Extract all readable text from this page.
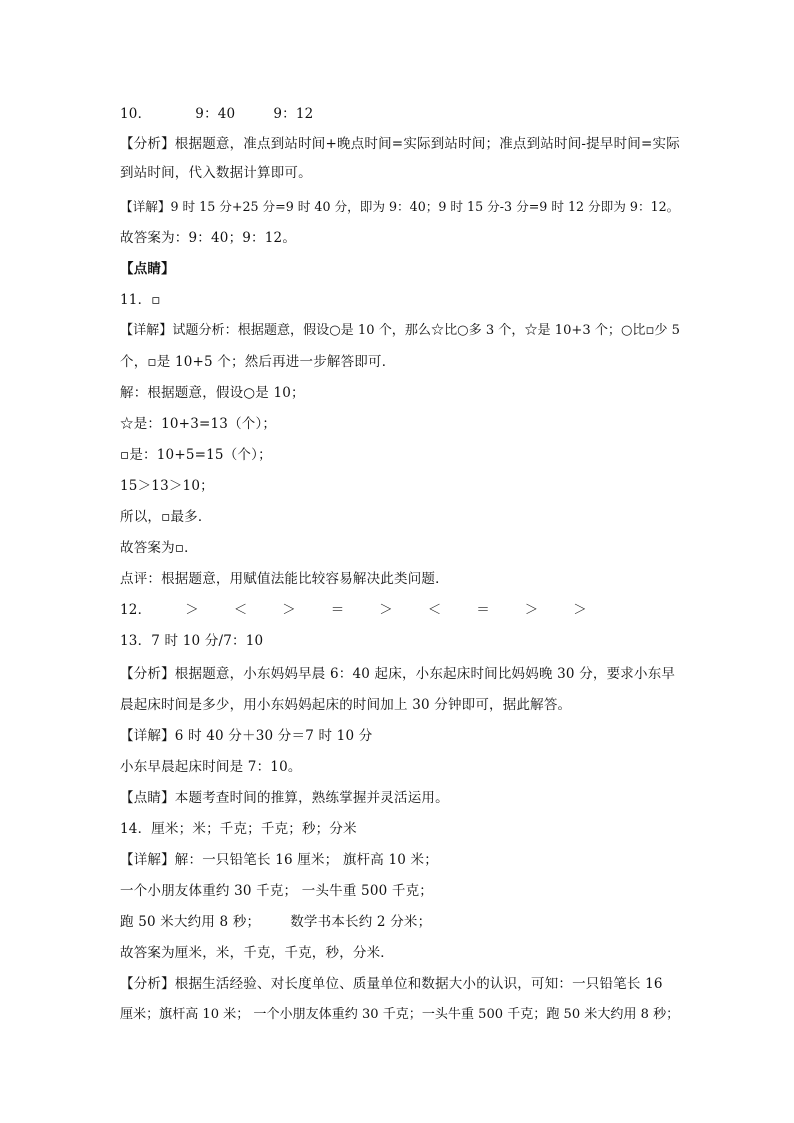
10．	9：40	9：12
【分析】根据题意，准点到站时间+晚点时间=实际到站时间；准点到站时间-提早时间=实际
到站时间，代入数据计算即可。
【详解】9 时 15 分+25 分=9 时 40 分，即为 9：40；9 时 15 分-3 分=9 时 12 分即为 9：12。
故答案为：9：40；9：12。
【点睛】
11．▫
【详解】试题分析：根据题意，假设○是 10 个，那么☆比○多 3 个，☆是 10+3 个；○比▫少 5
个，▫是 10+5 个；然后再进一步解答即可．
解：根据题意，假设○是 10；
☆是：10+3=13（个）；
▫是：10+5=15（个）；
15＞13＞10；
所以，▫最多．
故答案为▫．
点评：根据题意，用赋值法能比较容易解决此类问题．
12．	＞	＜	＞	＝	＞	＜	＝	＞	＞
13．7 时 10 分/7：10
【分析】根据题意，小东妈妈早晨 6：40 起床，小东起床时间比妈妈晚 30 分，要求小东早
晨起床时间是多少，用小东妈妈起床的时间加上 30 分钟即可，据此解答。
【详解】6 时 40 分＋30 分＝7 时 10 分
小东早晨起床时间是 7：10。
【点睛】本题考查时间的推算，熟练掌握并灵活运用。
14．厘米；米；千克；千克；秒；分米
【详解】解：一只铅笔长 16 厘米； 旗杆高 10 米；
一个小朋友体重约 30 千克； 一头牛重 500 千克；
跑 50 米大约用 8 秒； 数学书本长约 2 分米；
故答案为厘米，米，千克，千克，秒，分米．
【分析】根据生活经验、对长度单位、质量单位和数据大小的认识，可知：一只铅笔长 16
厘米；旗杆高 10 米； 一个小朋友体重约 30 千克；一头牛重 500 千克；跑 50 米大约用 8 秒；
